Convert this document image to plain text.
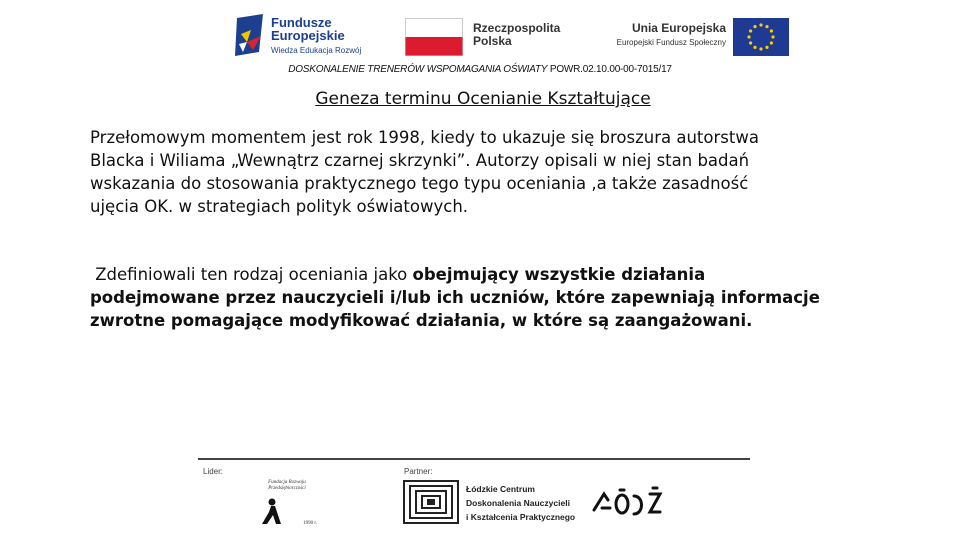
Fundusze
Europejskie
Wiedza Edukacja Rozwój
Rzeczpospolita
Polska
Unia Europejska
Europejski Fundusz Społeczny
DOSKONALENIE TRENERÓW WSPOMAGANIA OŚWIATY POWR.02.10.00-00-7015/17
Geneza terminu Ocenianie Kształtujące
Przełomowym momentem jest rok 1998, kiedy to ukazuje się broszura autorstwa
Blacka i Wiliama „Wewnątrz czarnej skrzynki”. Autorzy opisali w niej stan badań
wskazania do stosowania praktycznego tego typu oceniania ,a także zasadność
ujęcia OK. w strategiach polityk oświatowych.
Zdefiniowali ten rodzaj oceniania jako obejmujący wszystkie działania
podejmowane przez nauczycieli i/lub ich uczniów, które zapewniają informacje
zwrotne pomagające modyfikować działania, w które są zaangażowani.
Lider:	Partner:
Fundacja Rozwoju Przedsiębiorczości
1990 r.
Łódzkie Centrum
Doskonalenia Nauczycieli
i Kształcenia Praktycznego
